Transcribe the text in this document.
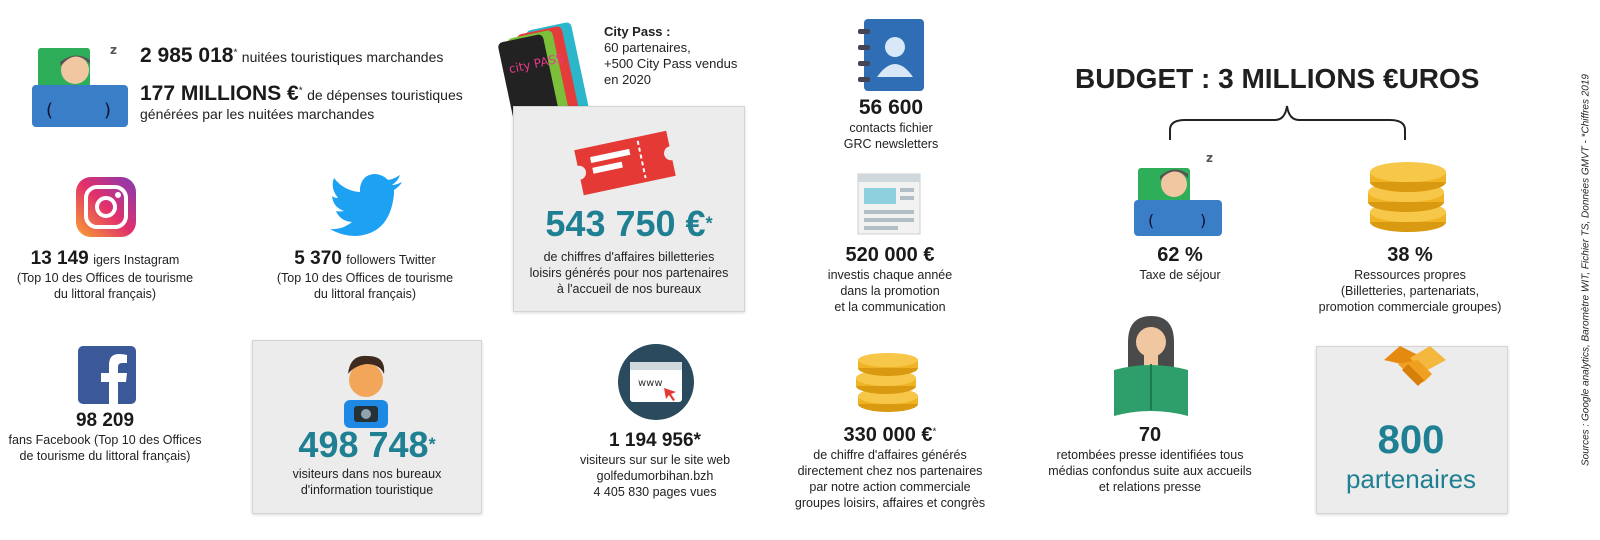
(	)
z 2 985 018* nuitées touristiques marchandes
177 MILLIONS €* de dépenses touristiques
générées par les nuitées marchandes
city PASS
City Pass :
60 partenaires,
+500 City Pass vendus
en 2020
543 750 €*
de chiffres d'affaires billetteries
loisirs générés pour nos partenaires
à l'accueil de nos bureaux
56 600
contacts fichier
GRC newsletters
BUDGET : 3 MILLIONS €UROS
(	)
z
62 %
Taxe de séjour
38 %
Ressources propres
(Billetteries, partenariats,
promotion commerciale groupes)
13 149 igers Instagram
(Top 10 des Offices de tourisme
du littoral français)
5 370 followers Twitter
(Top 10 des Offices de tourisme
du littoral français)
520 000 €
investis chaque année
dans la promotion
et la communication
98 209
fans Facebook (Top 10 des Offices
de tourisme du littoral français)	498 748*
visiteurs dans nos bureaux
d'information touristique
www
1 194 956*
visiteurs sur sur le site web
golfedumorbihan.bzh
4 405 830 pages vues
330 000 €*
de chiffre d'affaires générés
directement chez nos partenaires
par notre action commerciale
groupes loisirs, affaires et congrès
70
retombées presse identifiées tous
médias confondus suite aux accueils
et relations presse
800
partenaires
Sources : Google analytics, Baromètre WIT, Fichier TS, Données GMVT - *Chiffres 2019
